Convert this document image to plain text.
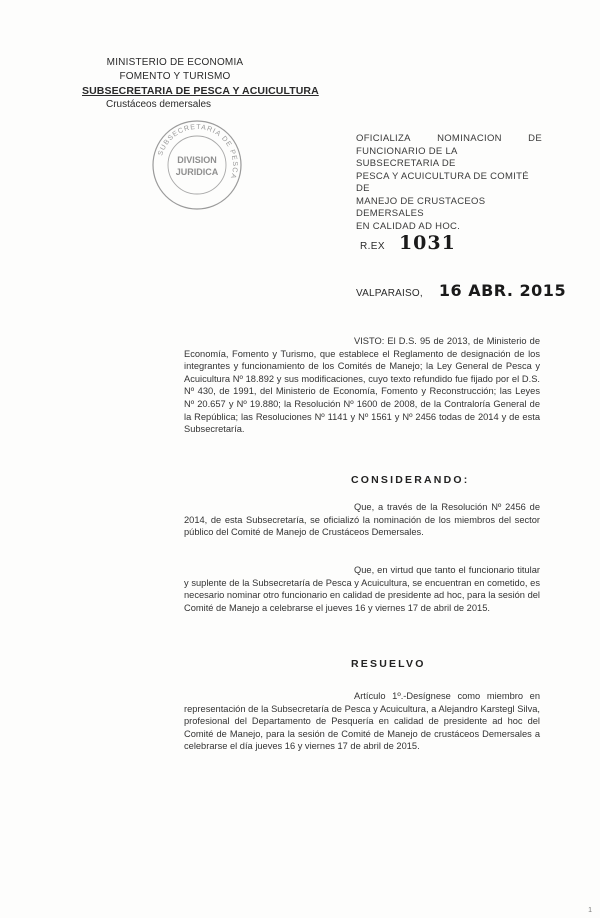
MINISTERIO DE ECONOMIA
FOMENTO Y TURISMO
SUBSECRETARIA DE PESCA Y ACUICULTURA
Crustáceos demersales
SUBSECRETARIA DE PESCA
DIVISION
JURIDICA
OFICIALIZA	NOMINACION	DE
FUNCIONARIO DE LA SUBSECRETARIA DE
PESCA Y ACUICULTURA DE COMITÉ DE
MANEJO DE CRUSTACEOS DEMERSALES
EN CALIDAD AD HOC.
R.EX 1031
VALPARAISO, 16 ABR. 2015
VISTO: El D.S. 95 de 2013, de Ministerio de Economía, Fomento y Turismo, que establece el Reglamento de designación de los integrantes y funcionamiento de los Comités de Manejo; la Ley General de Pesca y Acuicultura Nº 18.892 y sus modificaciones, cuyo texto refundido fue fijado por el D.S. Nº 430, de 1991, del Ministerio de Economía, Fomento y Reconstrucción; las Leyes Nº 20.657 y Nº 19.880; la Resolución Nº 1600 de 2008, de la Contraloría General de la República; las Resoluciones Nº 1141 y Nº 1561 y Nº 2456 todas de 2014 y de esta Subsecretaría.
CONSIDERANDO:
Que, a través de la Resolución Nº 2456 de 2014, de esta Subsecretaría, se oficializó la nominación de los miembros del sector público del Comité de Manejo de Crustáceos Demersales.
Que, en virtud que tanto el funcionario titular y suplente de la Subsecretaría de Pesca y Acuicultura, se encuentran en cometido, es necesario nominar otro funcionario en calidad de presidente ad hoc, para la sesión del Comité de Manejo a celebrarse el jueves 16 y viernes 17 de abril de 2015.
RESUELVO
Artículo 1º.-Desígnese como miembro en representación de la Subsecretaría de Pesca y Acuicultura, a Alejandro Karstegl Silva, profesional del Departamento de Pesquería en calidad de presidente ad hoc del Comité de Manejo, para la sesión de Comité de Manejo de crustáceos Demersales a celebrarse el día jueves 16 y viernes 17 de abril de 2015.
1
